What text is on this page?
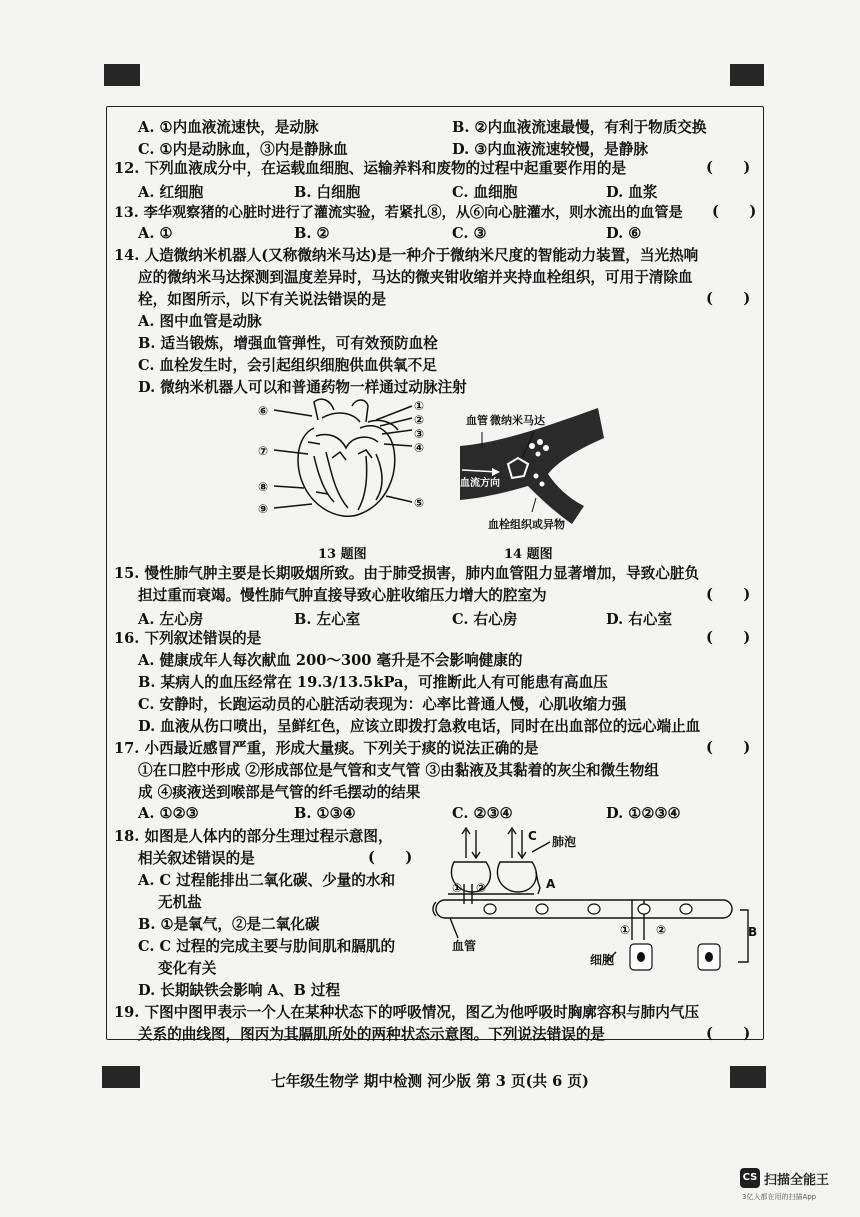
A. ①内血液流速快，是动脉	B. ②内血液流速最慢，有利于物质交换
C. ①内是动脉血，③内是静脉血	D. ③内血液流速较慢，是静脉
12. 下列血液成分中，在运载血细胞、运输养料和废物的过程中起重要作用的是	(      )
A. 红细胞	B. 白细胞	C. 血细胞	D. 血浆
13. 李华观察猪的心脏时进行了灌流实验，若紧扎⑧，从⑥向心脏灌水，则水流出的血管是 (      )
A. ①	B. ②	C. ③	D. ⑥
14. 人造微纳米机器人(又称微纳米马达)是一种介于微纳米尺度的智能动力装置，当光热响
应的微纳米马达探测到温度差异时，马达的微夹钳收缩并夹持血栓组织，可用于清除血
栓，如图所示，以下有关说法错误的是	(      )
A. 图中血管是动脉
B. 适当锻炼，增强血管弹性，可有效预防血栓
C. 血栓发生时，会引起组织细胞供血供氧不足
D. 微纳米机器人可以和普通药物一样通过动脉注射
⑥
⑦
⑧
⑨
①
②
③
④
⑤
13 题图
血管 微纳米马达
血流方向
血栓组织或异物
14 题图
15. 慢性肺气肿主要是长期吸烟所致。由于肺受损害，肺内血管阻力显著增加，导致心脏负
担过重而衰竭。慢性肺气肿直接导致心脏收缩压力增大的腔室为	(      )
A. 左心房	B. 左心室	C. 右心房	D. 右心室
16. 下列叙述错误的是	(      )
A. 健康成年人每次献血 200～300 毫升是不会影响健康的
B. 某病人的血压经常在 19.3/13.5kPa，可推断此人有可能患有高血压
C. 安静时，长跑运动员的心脏活动表现为：心率比普通人慢，心肌收缩力强
D. 血液从伤口喷出，呈鲜红色，应该立即拨打急救电话，同时在出血部位的远心端止血
17. 小西最近感冒严重，形成大量痰。下列关于痰的说法正确的是	(      )
①在口腔中形成 ②形成部位是气管和支气管 ③由黏液及其黏着的灰尘和微生物组
成 ④痰液送到喉部是气管的纤毛摆动的结果
A. ①②③	B. ①③④	C. ②③④	D. ①②③④
18. 如图是人体内的部分生理过程示意图，
相关叙述错误的是	(      )
A. C 过程能排出二氧化碳、少量的水和
无机盐
B. ①是氧气，②是二氧化碳
C. C 过程的完成主要与肋间肌和膈肌的
变化有关
D. 长期缺铁会影响 A、B 过程
C 肺泡
A
① ②
① ②	B
血管
细胞
19. 下图中图甲表示一个人在某种状态下的呼吸情况，图乙为他呼吸时胸廓容积与肺内气压
关系的曲线图，图丙为其膈肌所处的两种状态示意图。下列说法错误的是	(      )
七年级生物学 期中检测 河少版 第 3 页(共 6 页)
CS 扫描全能王
3亿人都在用的扫描App
